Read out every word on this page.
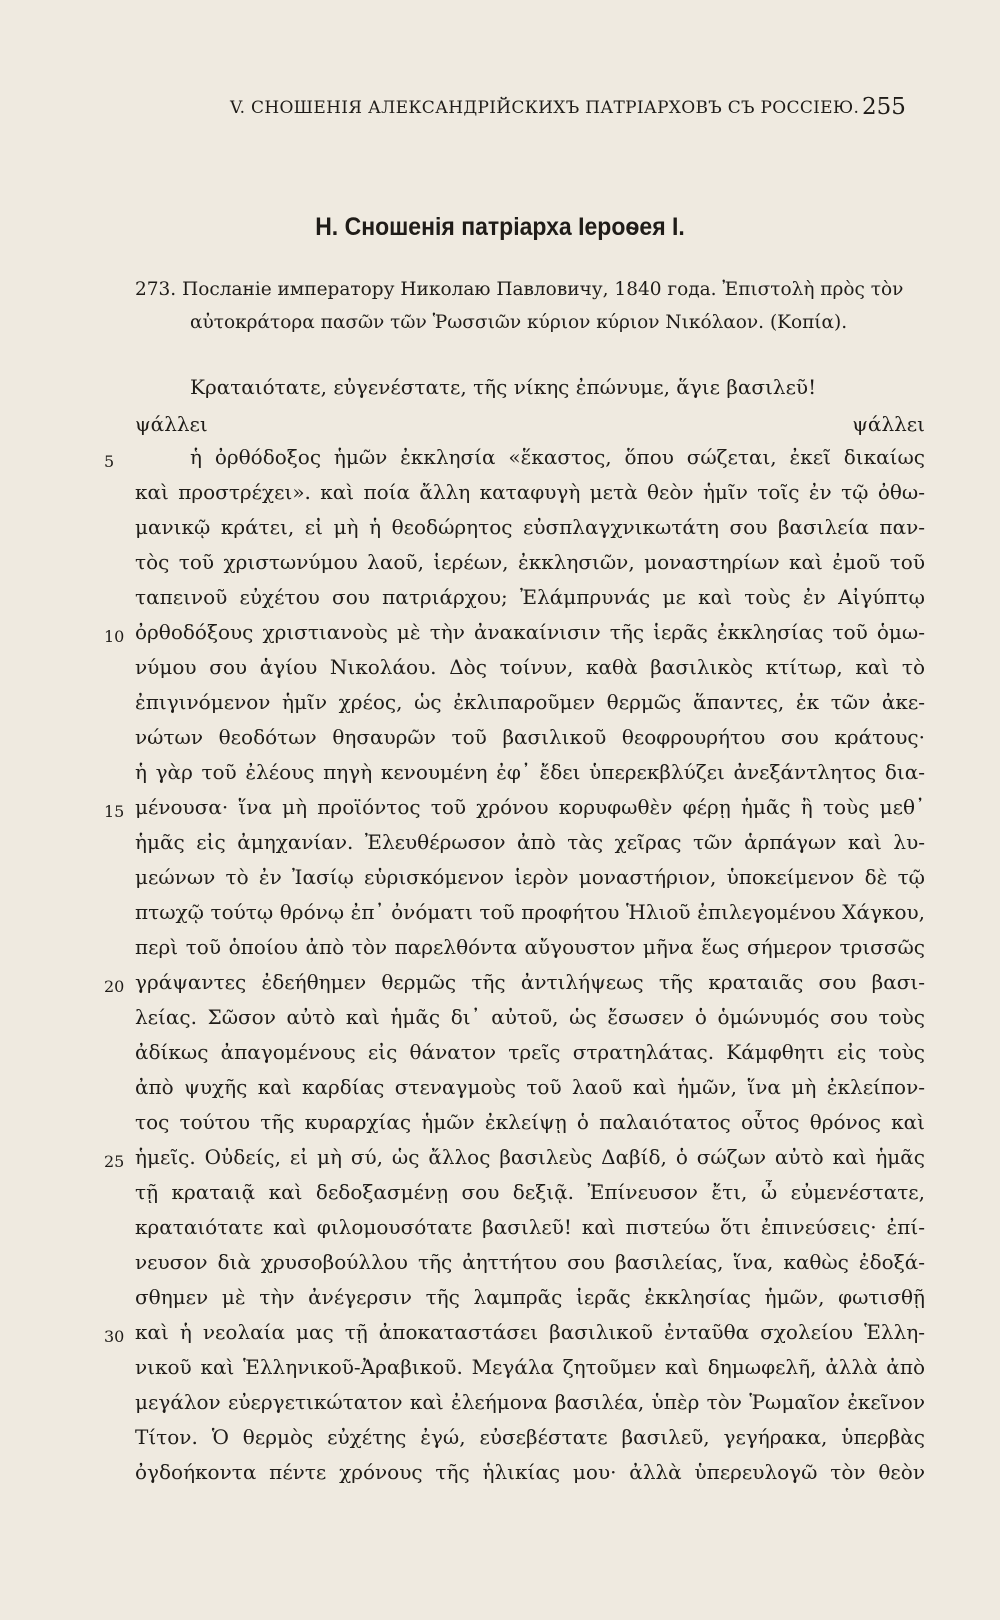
V. СНОШЕНІЯ АЛЕКСАНДРІЙСКИХЪ ПАТРІАРХОВЪ СЪ РОССІЕЮ. 255
Н. Сношенія патріарха Іероѳея I.
273. Посланіе императору Николаю Павловичу, 1840 года. Ἐπιστολὴ πρὸς τὸν
αὐτοκράτορα πασῶν τῶν Ῥωσσιῶν κύριον κύριον Νικόλαον. (Κοπία).
Κραταιότατε, εὐγενέστατε, τῆς νίκης ἐπώνυμε, ἅγιε βασιλεῦ!
ψάλλει	ψάλλει
ἡ ὀρθόδοξος ἡμῶν ἐκκλησία «ἕκαστος, ὅπου σώζεται, ἐκεῖ δικαίως
καὶ προστρέχει». καὶ ποία ἄλλη καταφυγὴ μετὰ θεὸν ἡμῖν τοῖς ἐν τῷ ὀθω-
μανικῷ κράτει, εἰ μὴ ἡ θεοδώρητος εὐσπλαγχνικωτάτη σου βασιλεία παν-
τὸς τοῦ χριστωνύμου λαοῦ, ἱερέων, ἐκκλησιῶν, μοναστηρίων καὶ ἐμοῦ τοῦ
ταπεινοῦ εὐχέτου σου πατριάρχου; Ἐλάμπρυνάς με καὶ τοὺς ἐν Αἰγύπτῳ
ὀρθοδόξους χριστιανοὺς μὲ τὴν ἀνακαίνισιν τῆς ἱερᾶς ἐκκλησίας τοῦ ὁμω-
νύμου σου ἁγίου Νικολάου. Δὸς τοίνυν, καθὰ βασιλικὸς κτίτωρ, καὶ τὸ
ἐπιγινόμενον ἡμῖν χρέος, ὡς ἐκλιπαροῦμεν θερμῶς ἅπαντες, ἐκ τῶν ἀκε-
νώτων θεοδότων θησαυρῶν τοῦ βασιλικοῦ θεοφρουρήτου σου κράτους·
ἡ γὰρ τοῦ ἐλέους πηγὴ κενουμένη ἐφ᾽ ἔδει ὑπερεκβλύζει ἀνεξάντλητος δια-
μένουσα· ἵνα μὴ προϊόντος τοῦ χρόνου κορυφωθὲν φέρῃ ἡμᾶς ἢ τοὺς μεθ᾽
ἡμᾶς εἰς ἀμηχανίαν. Ἐλευθέρωσον ἀπὸ τὰς χεῖρας τῶν ἁρπάγων καὶ λυ-
μεώνων τὸ ἐν Ἰασίῳ εὑρισκόμενον ἱερὸν μοναστήριον, ὑποκείμενον δὲ τῷ
πτωχῷ τούτῳ θρόνῳ ἐπ᾽ ὀνόματι τοῦ προφήτου Ἡλιοῦ ἐπιλεγομένου Χάγκου,
περὶ τοῦ ὁποίου ἀπὸ τὸν παρελθόντα αὔγουστον μῆνα ἕως σήμερον τρισσῶς
γράψαντες ἐδεήθημεν θερμῶς τῆς ἀντιλήψεως τῆς κραταιᾶς σου βασι-
λείας. Σῶσον αὐτὸ καὶ ἡμᾶς δι᾽ αὐτοῦ, ὡς ἔσωσεν ὁ ὁμώνυμός σου τοὺς
ἀδίκως ἀπαγομένους εἰς θάνατον τρεῖς στρατηλάτας. Κάμφθητι εἰς τοὺς
ἀπὸ ψυχῆς καὶ καρδίας στεναγμοὺς τοῦ λαοῦ καὶ ἡμῶν, ἵνα μὴ ἐκλείπον-
τος τούτου τῆς κυραρχίας ἡμῶν ἐκλείψῃ ὁ παλαιότατος οὗτος θρόνος καὶ
ἡμεῖς. Οὐδείς, εἰ μὴ σύ, ὡς ἄλλος βασιλεὺς Δαβίδ, ὁ σώζων αὐτὸ καὶ ἡμᾶς
τῇ κραταιᾷ καὶ δεδοξασμένῃ σου δεξιᾷ. Ἐπίνευσον ἔτι, ὦ εὐμενέστατε,
κραταιότατε καὶ φιλομουσότατε βασιλεῦ! καὶ πιστεύω ὅτι ἐπινεύσεις· ἐπί-
νευσον διὰ χρυσοβούλλου τῆς ἀηττήτου σου βασιλείας, ἵνα, καθὼς ἐδοξά-
σθημεν μὲ τὴν ἀνέγερσιν τῆς λαμπρᾶς ἱερᾶς ἐκκλησίας ἡμῶν, φωτισθῇ
καὶ ἡ νεολαία μας τῇ ἀποκαταστάσει βασιλικοῦ ἐνταῦθα σχολείου Ἑλλη-
νικοῦ καὶ Ἑλληνικοῦ-Ἀραβικοῦ. Μεγάλα ζητοῦμεν καὶ δημωφελῆ, ἀλλὰ ἀπὸ
μεγάλον εὐεργετικώτατον καὶ ἐλεήμονα βασιλέα, ὑπὲρ τὸν Ῥωμαῖον ἐκεῖνον
Τίτον. Ὁ θερμὸς εὐχέτης ἐγώ, εὐσεβέστατε βασιλεῦ, γεγήρακα, ὑπερβὰς
ὀγδοήκοντα πέντε χρόνους τῆς ἡλικίας μου· ἀλλὰ ὑπερευλογῶ τὸν θεὸν
5
10
15
20
25
30
